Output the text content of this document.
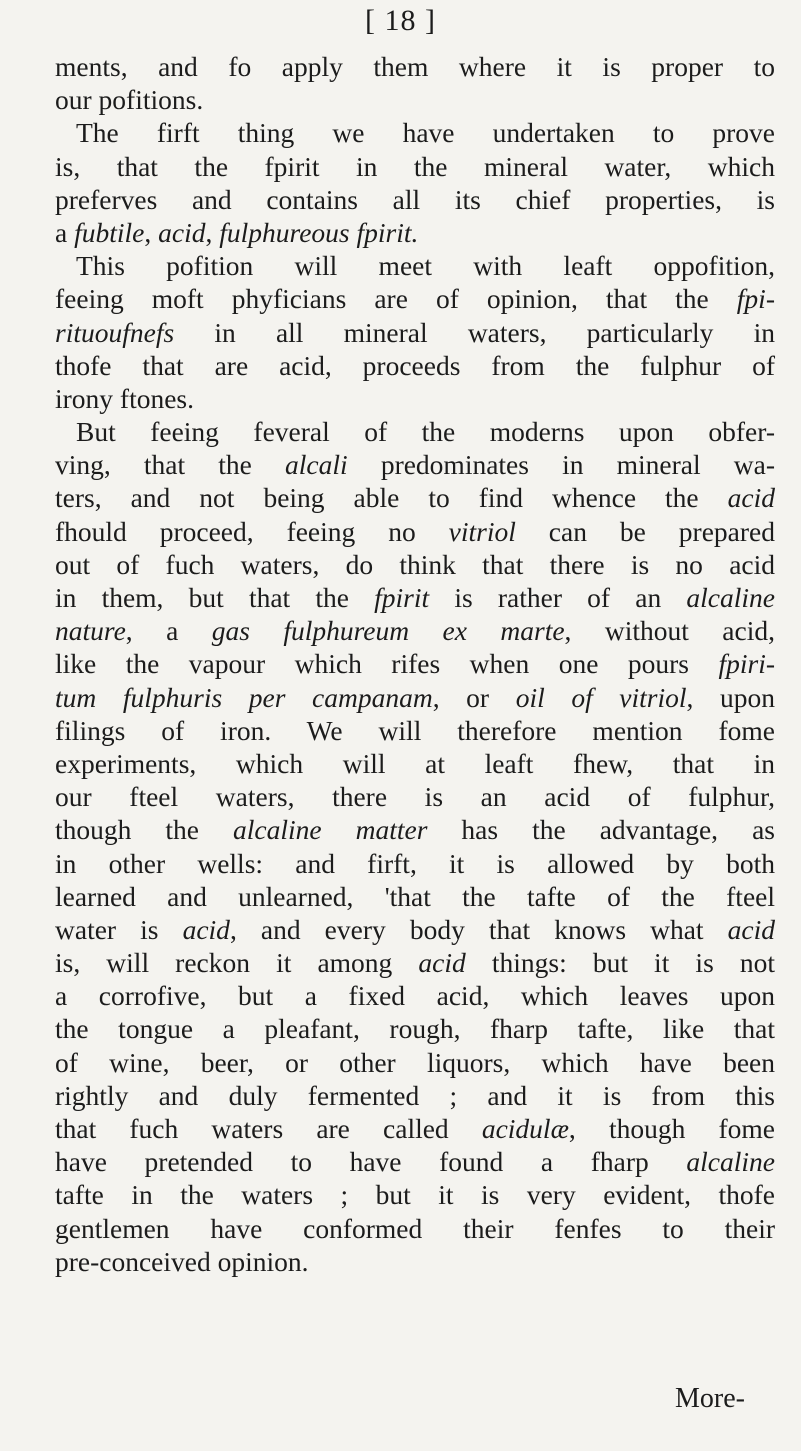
[ 18 ]
ments, and fo apply them where it is proper to
our pofitions.
The firft thing we have undertaken to prove
is, that the fpirit in the mineral water, which
preferves and contains all its chief properties, is
a fubtile, acid, fulphureous fpirit.
This pofition will meet with leaft oppofition,
feeing moft phyficians are of opinion, that the fpi-
rituoufnefs in all mineral waters, particularly in
thofe that are acid, proceeds from the fulphur of
irony ftones.
But feeing feveral of the moderns upon obfer-
ving, that the alcali predominates in mineral wa-
ters, and not being able to find whence the acid
fhould proceed, feeing no vitriol can be prepared
out of fuch waters, do think that there is no acid
in them, but that the fpirit is rather of an alcaline
nature, a gas fulphureum ex marte, without acid,
like the vapour which rifes when one pours fpiri-
tum fulphuris per campanam, or oil of vitriol, upon
filings of iron. We will therefore mention fome
experiments, which will at leaft fhew, that in
our fteel waters, there is an acid of fulphur,
though the alcaline matter has the advantage, as
in other wells: and firft, it is allowed by both
learned and unlearned, 'that the tafte of the fteel
water is acid, and every body that knows what acid
is, will reckon it among acid things: but it is not
a corrofive, but a fixed acid, which leaves upon
the tongue a pleafant, rough, fharp tafte, like that
of wine, beer, or other liquors, which have been
rightly and duly fermented ; and it is from this
that fuch waters are called acidulæ, though fome
have pretended to have found a fharp alcaline
tafte in the waters ; but it is very evident, thofe
gentlemen have conformed their fenfes to their
pre-conceived opinion.
More-
